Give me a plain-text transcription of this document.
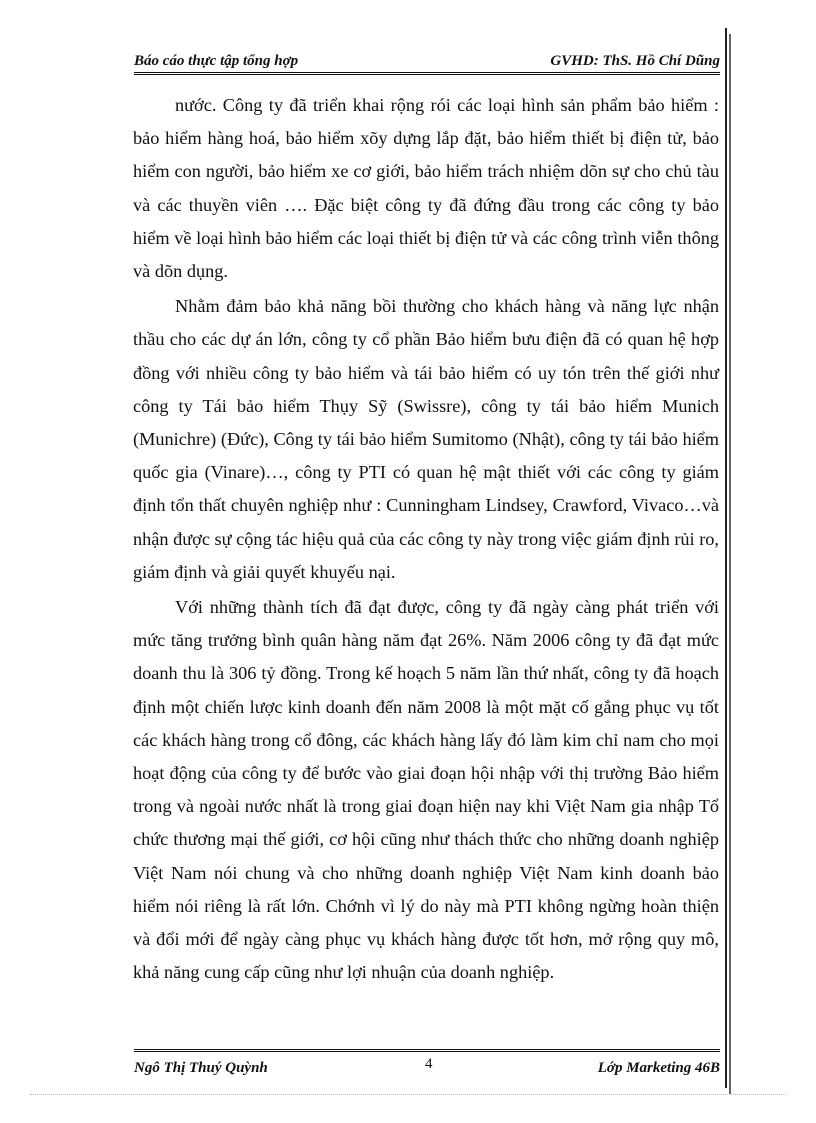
Báo cáo thực tập tổng hợp	GVHD: ThS. Hồ Chí Dũng

nước. Công ty đã triển khai rộng rói các loại hình sản phẩm bảo hiểm : bảo hiểm hàng hoá, bảo hiểm xõy dựng lắp đặt, bảo hiểm thiết bị điện tử, bảo hiểm con người, bảo hiểm xe cơ giới, bảo hiểm trách nhiệm dõn sự cho chủ tàu và các thuyền viên …. Đặc biệt công ty đã đứng đầu trong các công ty bảo hiểm về loại hình bảo hiểm các loại thiết bị điện tử và các công trình viễn thông và dõn dụng.

Nhằm đảm bảo khả năng bồi thường cho khách hàng và năng lực nhận thầu cho các dự án lớn, công ty cổ phần Bảo hiểm bưu điện đã có quan hệ hợp đồng với nhiều công ty bảo hiểm và tái bảo hiểm có uy tón trên thế giới như công ty Tái bảo hiểm Thụy Sỹ (Swissre), công ty tái bảo hiểm Munich (Munichre) (Đức), Công ty tái bảo hiểm Sumitomo (Nhật), công ty tái bảo hiểm quốc gia (Vinare)…, công ty PTI có quan hệ mật thiết với các công ty giám định tổn thất chuyên nghiệp như : Cunningham Lindsey, Crawford, Vivaco…và nhận được sự cộng tác hiệu quả của các công ty này trong việc giám định rủi ro, giám định và giải quyết khuyếu nại.

Với những thành tích đã đạt được, công ty đã ngày càng phát triển với mức tăng trưởng bình quân hàng năm đạt 26%. Năm 2006 công ty đã đạt mức doanh thu là 306 tỷ đồng. Trong kế hoạch 5 năm lần thứ nhất, công ty đã hoạch định một chiến lược kinh doanh đến năm 2008 là một mặt cố gắng phục vụ tốt các khách hàng trong cổ đông, các khách hàng lấy đó làm kim chỉ nam cho mọi hoạt động của công ty để bước vào giai đoạn hội nhập với thị trường Bảo hiểm trong và ngoài nước nhất là trong giai đoạn hiện nay khi Việt Nam gia nhập Tổ chức thương mại thế giới, cơ hội cũng như thách thức cho những doanh nghiệp Việt Nam nói chung và cho những doanh nghiệp Việt Nam kinh doanh bảo hiểm nói riêng là rất lớn. Chớnh vì lý do này mà PTI không ngừng hoàn thiện và đổi mới để ngày càng phục vụ khách hàng được tốt hơn, mở rộng quy mô, khả năng cung cấp cũng như lợi nhuận của doanh nghiệp.

Ngô Thị Thuý Quỳnh	4	Lớp Marketing 46B
